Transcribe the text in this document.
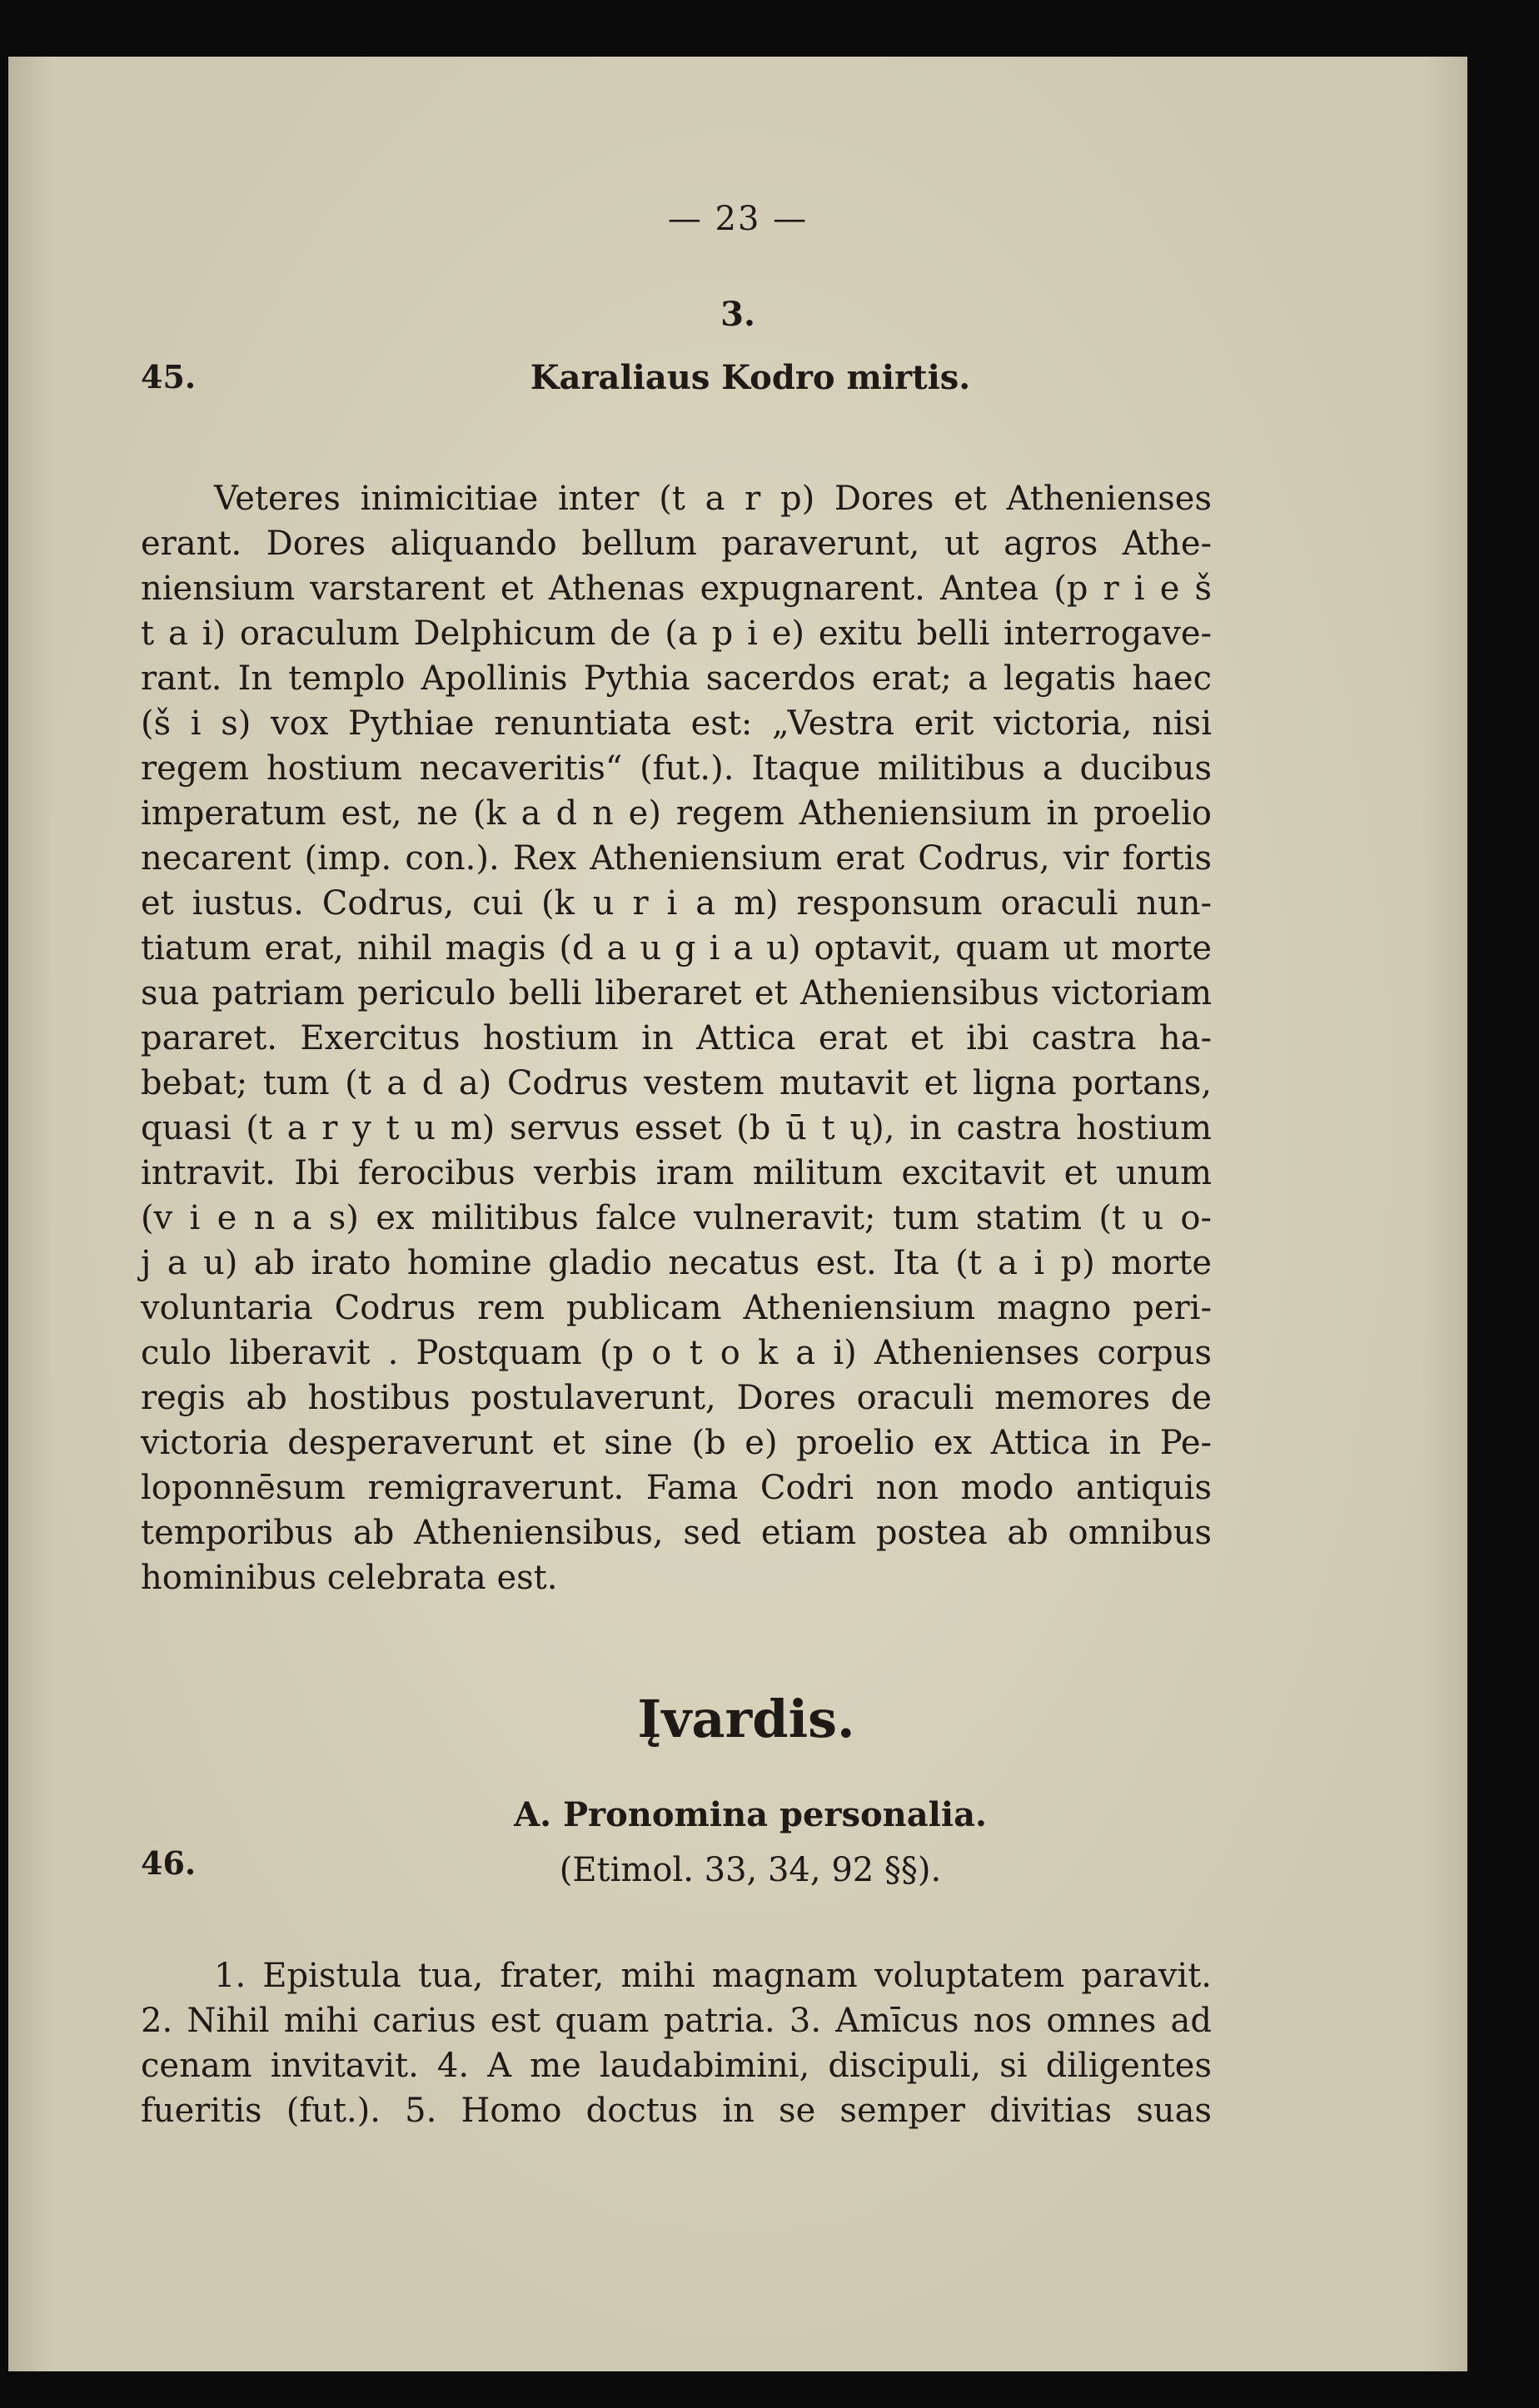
— 23 —
3.
45.	Karaliaus Kodro mirtis.
Veteres inimicitiae inter (t a r p) Dores et Athenienses
erant. Dores aliquando bellum paraverunt, ut agros Athe-
niensium varstarent et Athenas expugnarent. Antea (p r i e š
t a i) oraculum Delphicum de (a p i e) exitu belli interrogave-
rant. In templo Apollinis Pythia sacerdos erat; a legatis haec
(š i s) vox Pythiae renuntiata est: „Vestra erit victoria, nisi
regem hostium necaveritis“ (fut.). Itaque militibus a ducibus
imperatum est, ne (k a d n e) regem Atheniensium in proelio
necarent (imp. con.). Rex Atheniensium erat Codrus, vir fortis
et iustus. Codrus, cui (k u r i a m) responsum oraculi nun-
tiatum erat, nihil magis (d a u g i a u) optavit, quam ut morte
sua patriam periculo belli liberaret et Atheniensibus victoriam
pararet. Exercitus hostium in Attica erat et ibi castra ha-
bebat; tum (t a d a) Codrus vestem mutavit et ligna portans,
quasi (t a r y t u m) servus esset (b ū t ų), in castra hostium
intravit. Ibi ferocibus verbis iram militum excitavit et unum
(v i e n a s) ex militibus falce vulneravit; tum statim (t u o-
j a u) ab irato homine gladio necatus est. Ita (t a i p) morte
voluntaria Codrus rem publicam Atheniensium magno peri-
culo liberavit . Postquam (p o t o k a i) Athenienses corpus
regis ab hostibus postulaverunt, Dores oraculi memores de
victoria desperaverunt et sine (b e) proelio ex Attica in Pe-
loponnēsum remigraverunt. Fama Codri non modo antiquis
temporibus ab Atheniensibus, sed etiam postea ab omnibus
hominibus celebrata est.
Įvardis.
A. Pronomina personalia.
(Etimol. 33, 34, 92 §§).
46.
1. Epistula tua, frater, mihi magnam voluptatem paravit.
2. Nihil mihi carius est quam patria. 3. Amīcus nos omnes ad
cenam invitavit. 4. A me laudabimini, discipuli, si diligentes
fueritis (fut.). 5. Homo doctus in se semper divitias suas
